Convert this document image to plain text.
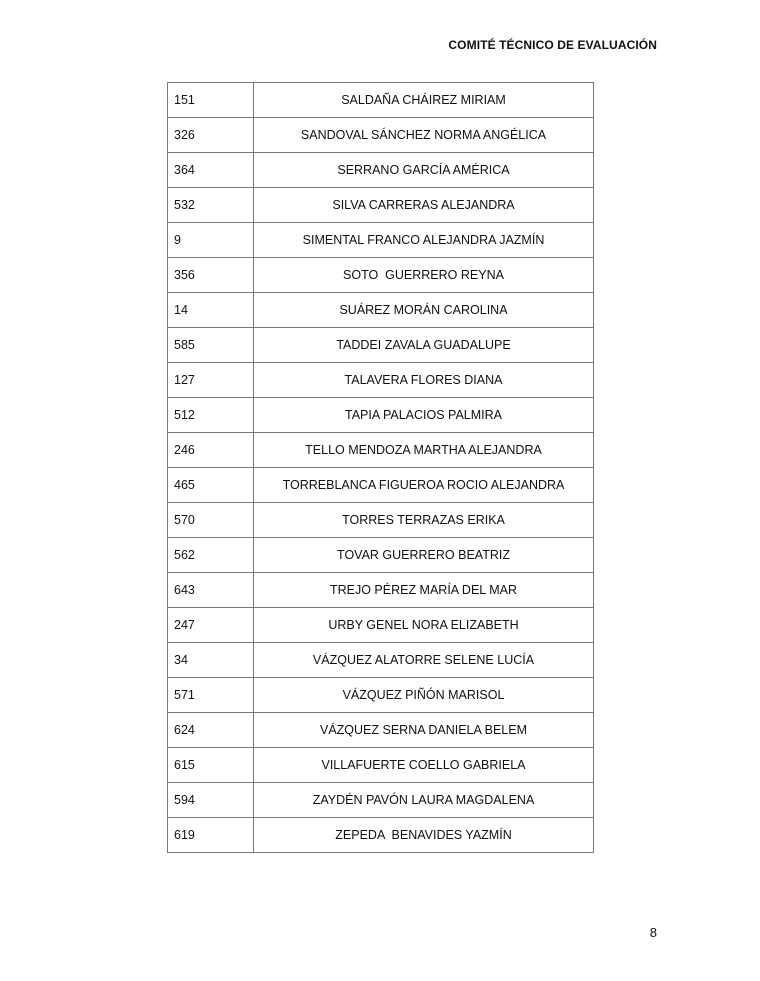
COMITÉ TÉCNICO DE EVALUACIÓN
151	SALDAÑA CHÁIREZ MIRIAM
326	SANDOVAL SÁNCHEZ NORMA ANGÉLICA
364	SERRANO GARCÍA AMÉRICA
532	SILVA CARRERAS ALEJANDRA
9	SIMENTAL FRANCO ALEJANDRA JAZMÍN
356	SOTO  GUERRERO REYNA
14	SUÁREZ MORÁN CAROLINA
585	TADDEI ZAVALA GUADALUPE
127	TALAVERA FLORES DIANA
512	TAPIA PALACIOS PALMIRA
246	TELLO MENDOZA MARTHA ALEJANDRA
465	TORREBLANCA FIGUEROA ROCIO ALEJANDRA
570	TORRES TERRAZAS ERIKA
562	TOVAR GUERRERO BEATRIZ
643	TREJO PÉREZ MARÍA DEL MAR
247	URBY GENEL NORA ELIZABETH
34	VÁZQUEZ ALATORRE SELENE LUCÍA
571	VÁZQUEZ PIÑÓN MARISOL
624	VÁZQUEZ SERNA DANIELA BELEM
615	VILLAFUERTE COELLO GABRIELA
594	ZAYDÉN PAVÓN LAURA MAGDALENA
619	ZEPEDA  BENAVIDES YAZMÍN
8
